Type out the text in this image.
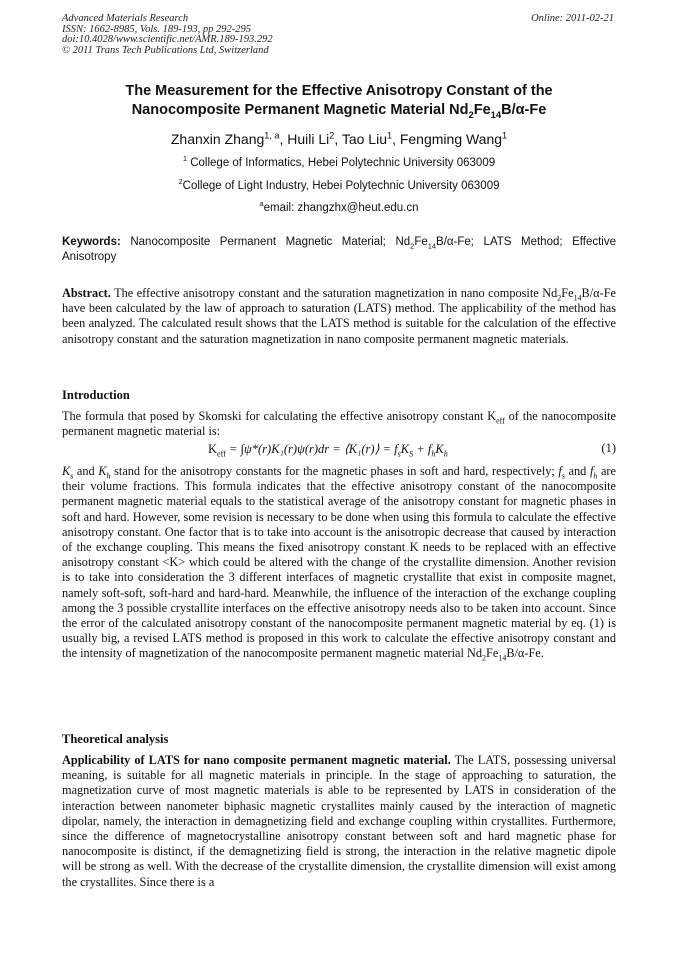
Advanced Materials Research
ISSN: 1662-8985, Vols. 189-193, pp 292-295
doi:10.4028/www.scientific.net/AMR.189-193.292
© 2011 Trans Tech Publications Ltd, Switzerland
Online: 2011-02-21
The Measurement for the Effective Anisotropy Constant of the
Nanocomposite Permanent Magnetic Material $Nd_2Fe_{14}B/\alpha-Fe$
Zhanxin Zhang$^{1, a}$, Huili Li$^2$, Tao Liu$^1$, Fengming Wang$^1$
$^1$ College of Informatics, Hebei Polytechnic University 063009
$^2$College of Light Industry, Hebei Polytechnic University 063009
$^a$email: zhangzhx@heut.edu.cn
Keywords: Nanocomposite Permanent Magnetic Material; $Nd_2Fe_{14}B/\alpha-Fe$; LATS Method; Effective Anisotropy
Abstract. The effective anisotropy constant and the saturation magnetization in nano composite $Nd_2Fe_{14}B/\alpha-Fe$ have been calculated by the law of approach to saturation (LATS) method. The applicability of the method has been analyzed. The calculated result shows that the LATS method is suitable for the calculation of the effective anisotropy constant and the saturation magnetization in nano composite permanent magnetic materials.
Introduction
The formula that posed by Skomski for calculating the effective anisotropy constant $K_{eff}$ of the nanocomposite permanent magnetic material is:
$K_{eff} = \int\psi*(r)K_1(r)\psi(r)dr$ = ⟨K₁(r)⟩ = $f_sK_S + f_hK_h$	(1)
$K_s$ and $K_h$ stand for the anisotropy constants for the magnetic phases in soft and hard, respectively; $f_s$ and $f_h$ are their volume fractions. This formula indicates that the effective anisotropy constant of the nanocomposite permanent magnetic material equals to the statistical average of the anisotropy constant for magnetic phases in soft and hard. However, some revision is necessary to be done when using this formula to calculate the effective anisotropy constant. One factor that is to take into account is the anisotropic decrease that caused by interaction of the exchange coupling. This means the fixed anisotropy constant K needs to be replaced with an effective anisotropy constant <K> which could be altered with the change of the crystallite dimension. Another revision is to take into consideration the 3 different interfaces of magnetic crystallite that exist in composite magnet, namely soft-soft, soft-hard and hard-hard. Meanwhile, the influence of the interaction of the exchange coupling among the 3 possible crystallite interfaces on the effective anisotropy needs also to be taken into account. Since the error of the calculated anisotropy constant of the nanocomposite permanent magnetic material by eq. (1) is usually big, a revised LATS method is proposed in this work to calculate the effective anisotropy constant and the intensity of magnetization of the nanocomposite permanent magnetic material $Nd_2Fe_{14}B/\alpha-Fe$.
Theoretical analysis
Applicability of LATS for nano composite permanent magnetic material. The LATS, possessing universal meaning, is suitable for all magnetic materials in principle. In the stage of approaching to saturation, the magnetization curve of most magnetic materials is able to be represented by LATS in consideration of the interaction between nanometer biphasic magnetic crystallites mainly caused by the interaction of magnetic dipolar, namely, the interaction in demagnetizing field and exchange coupling within crystallites. Furthermore, since the difference of magnetocrystalline anisotropy constant between soft and hard magnetic phase for nanocomposite is distinct, if the demagnetizing field is strong, the interaction in the relative magnetic dipole will be strong as well. With the decrease of the crystallite dimension, the crystallite dimension will exist among the crystallites. Since there is a
